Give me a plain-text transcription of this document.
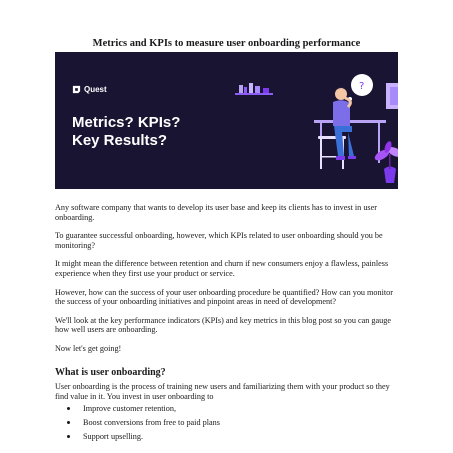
Metrics and KPIs to measure user onboarding performance
Quest
Metrics? KPIs?
Key Results?
?

Any software company that wants to develop its user base and keep its clients has to invest in user onboarding.

To guarantee successful onboarding, however, which KPIs related to user onboarding should you be monitoring?

It might mean the difference between retention and churn if new consumers enjoy a flawless, painless experience when they first use your product or service.

However, how can the success of your user onboarding procedure be quantified? How can you monitor the success of your onboarding initiatives and pinpoint areas in need of development?

We'll look at the key performance indicators (KPIs) and key metrics in this blog post so you can gauge how well users are onboarding.

Now let's get going!

What is user onboarding?
User onboarding is the process of training new users and familiarizing them with your product so they find value in it. You invest in user onboarding to
Improve customer retention,
Boost conversions from free to paid plans
Support upselling.
